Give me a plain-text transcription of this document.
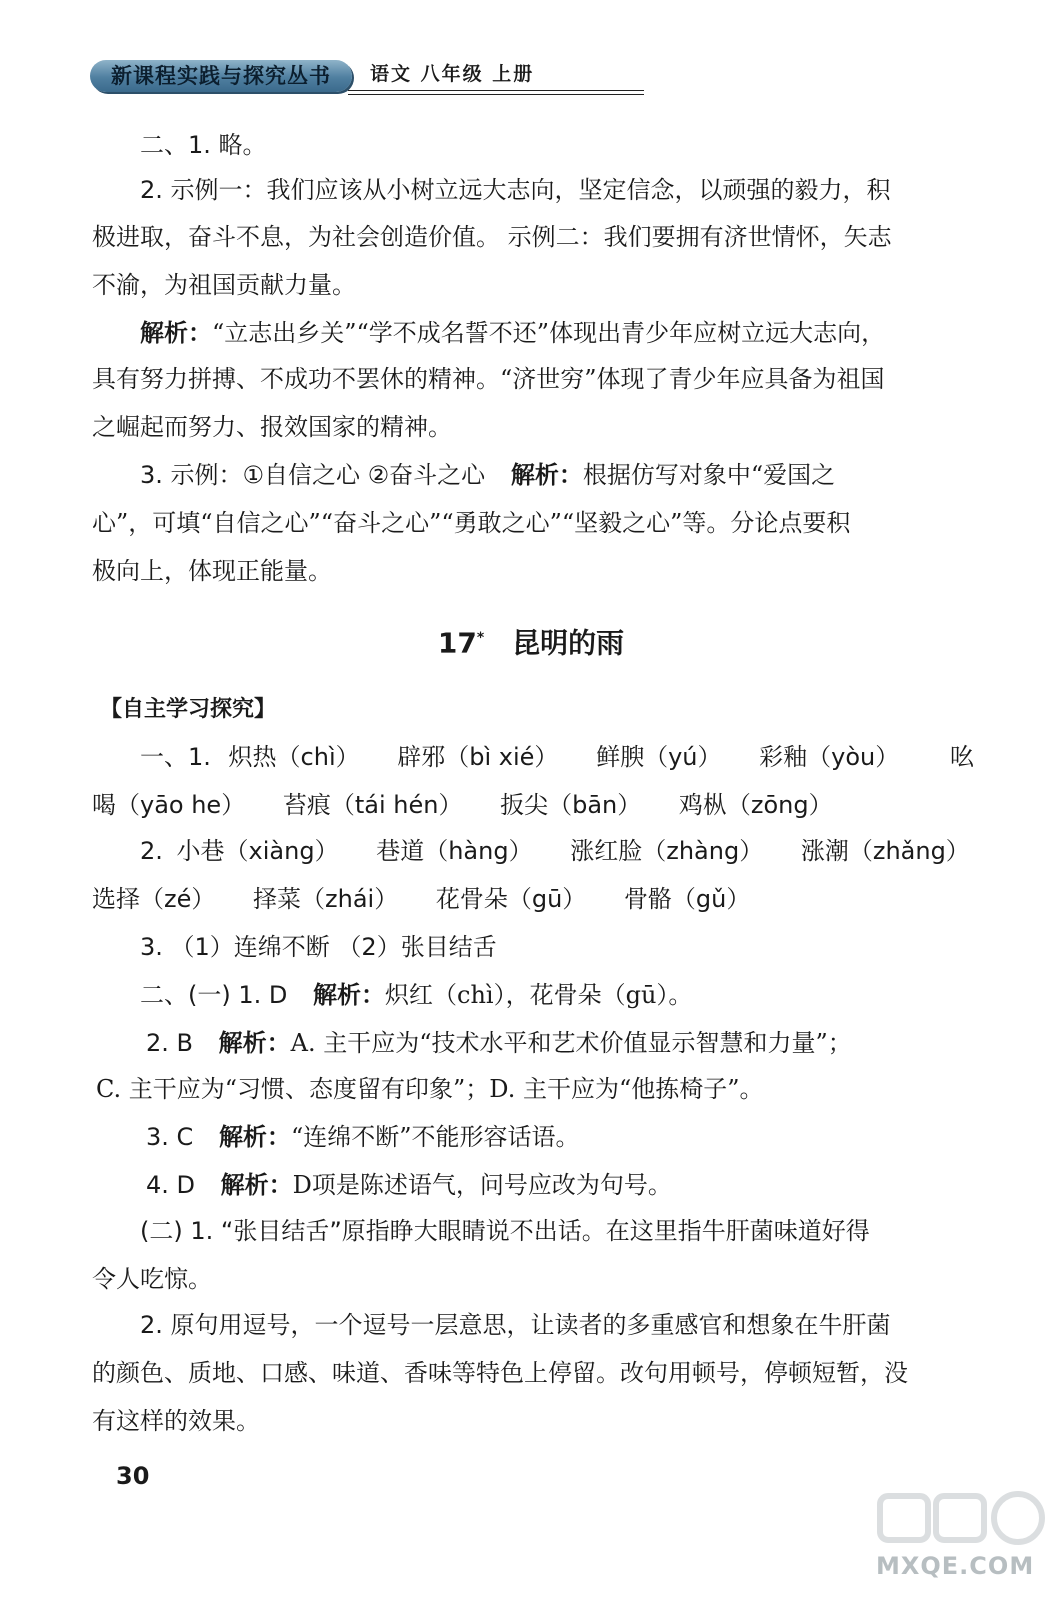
新课程实践与探究丛书	语文 八年级 上册
二、1. 略。
2. 示例一：我们应该从小树立远大志向，坚定信念，以顽强的毅力，积
极进取，奋斗不息，为社会创造价值。 示例二：我们要拥有济世情怀，矢志
不渝，为祖国贡献力量。
解析：“立志出乡关”“学不成名誓不还”体现出青少年应树立远大志向，
具有努力拼搏、不成功不罢休的精神。“济世穷”体现了青少年应具备为祖国
之崛起而努力、报效国家的精神。
3. 示例：①自信之心 ②奋斗之心 解析：根据仿写对象中“爱国之
心”，可填“自信之心”“奋斗之心”“勇敢之心”“坚毅之心”等。分论点要积
极向上，体现正能量。
17* 昆明的雨
【自主学习探究】
一、1. 炽热（chì） 辟邪（bì xié） 鲜腴（yú） 彩釉（yòu） 吆
喝（yāo he） 苔痕（tái hén） 扳尖（bān） 鸡枞（zōng）
2. 小巷（xiàng） 巷道（hàng） 涨红脸（zhàng） 涨潮（zhǎng）
选择（zé） 择菜（zhái） 花骨朵（gū） 骨骼（gǔ）
3. （1）连绵不断 （2）张目结舌
二、(一) 1. D 解析：炽红（chì），花骨朵（gū）。
2. B 解析：A. 主干应为“技术水平和艺术价值显示智慧和力量”；
C. 主干应为“习惯、态度留有印象”；D. 主干应为“他拣椅子”。
3. C 解析：“连绵不断”不能形容话语。
4. D 解析：D项是陈述语气，问号应改为句号。
(二) 1. “张目结舌”原指睁大眼睛说不出话。在这里指牛肝菌味道好得
令人吃惊。
2. 原句用逗号，一个逗号一层意思，让读者的多重感官和想象在牛肝菌
的颜色、质地、口感、味道、香味等特色上停留。改句用顿号，停顿短暂，没
有这样的效果。
30
MXQE.COM
